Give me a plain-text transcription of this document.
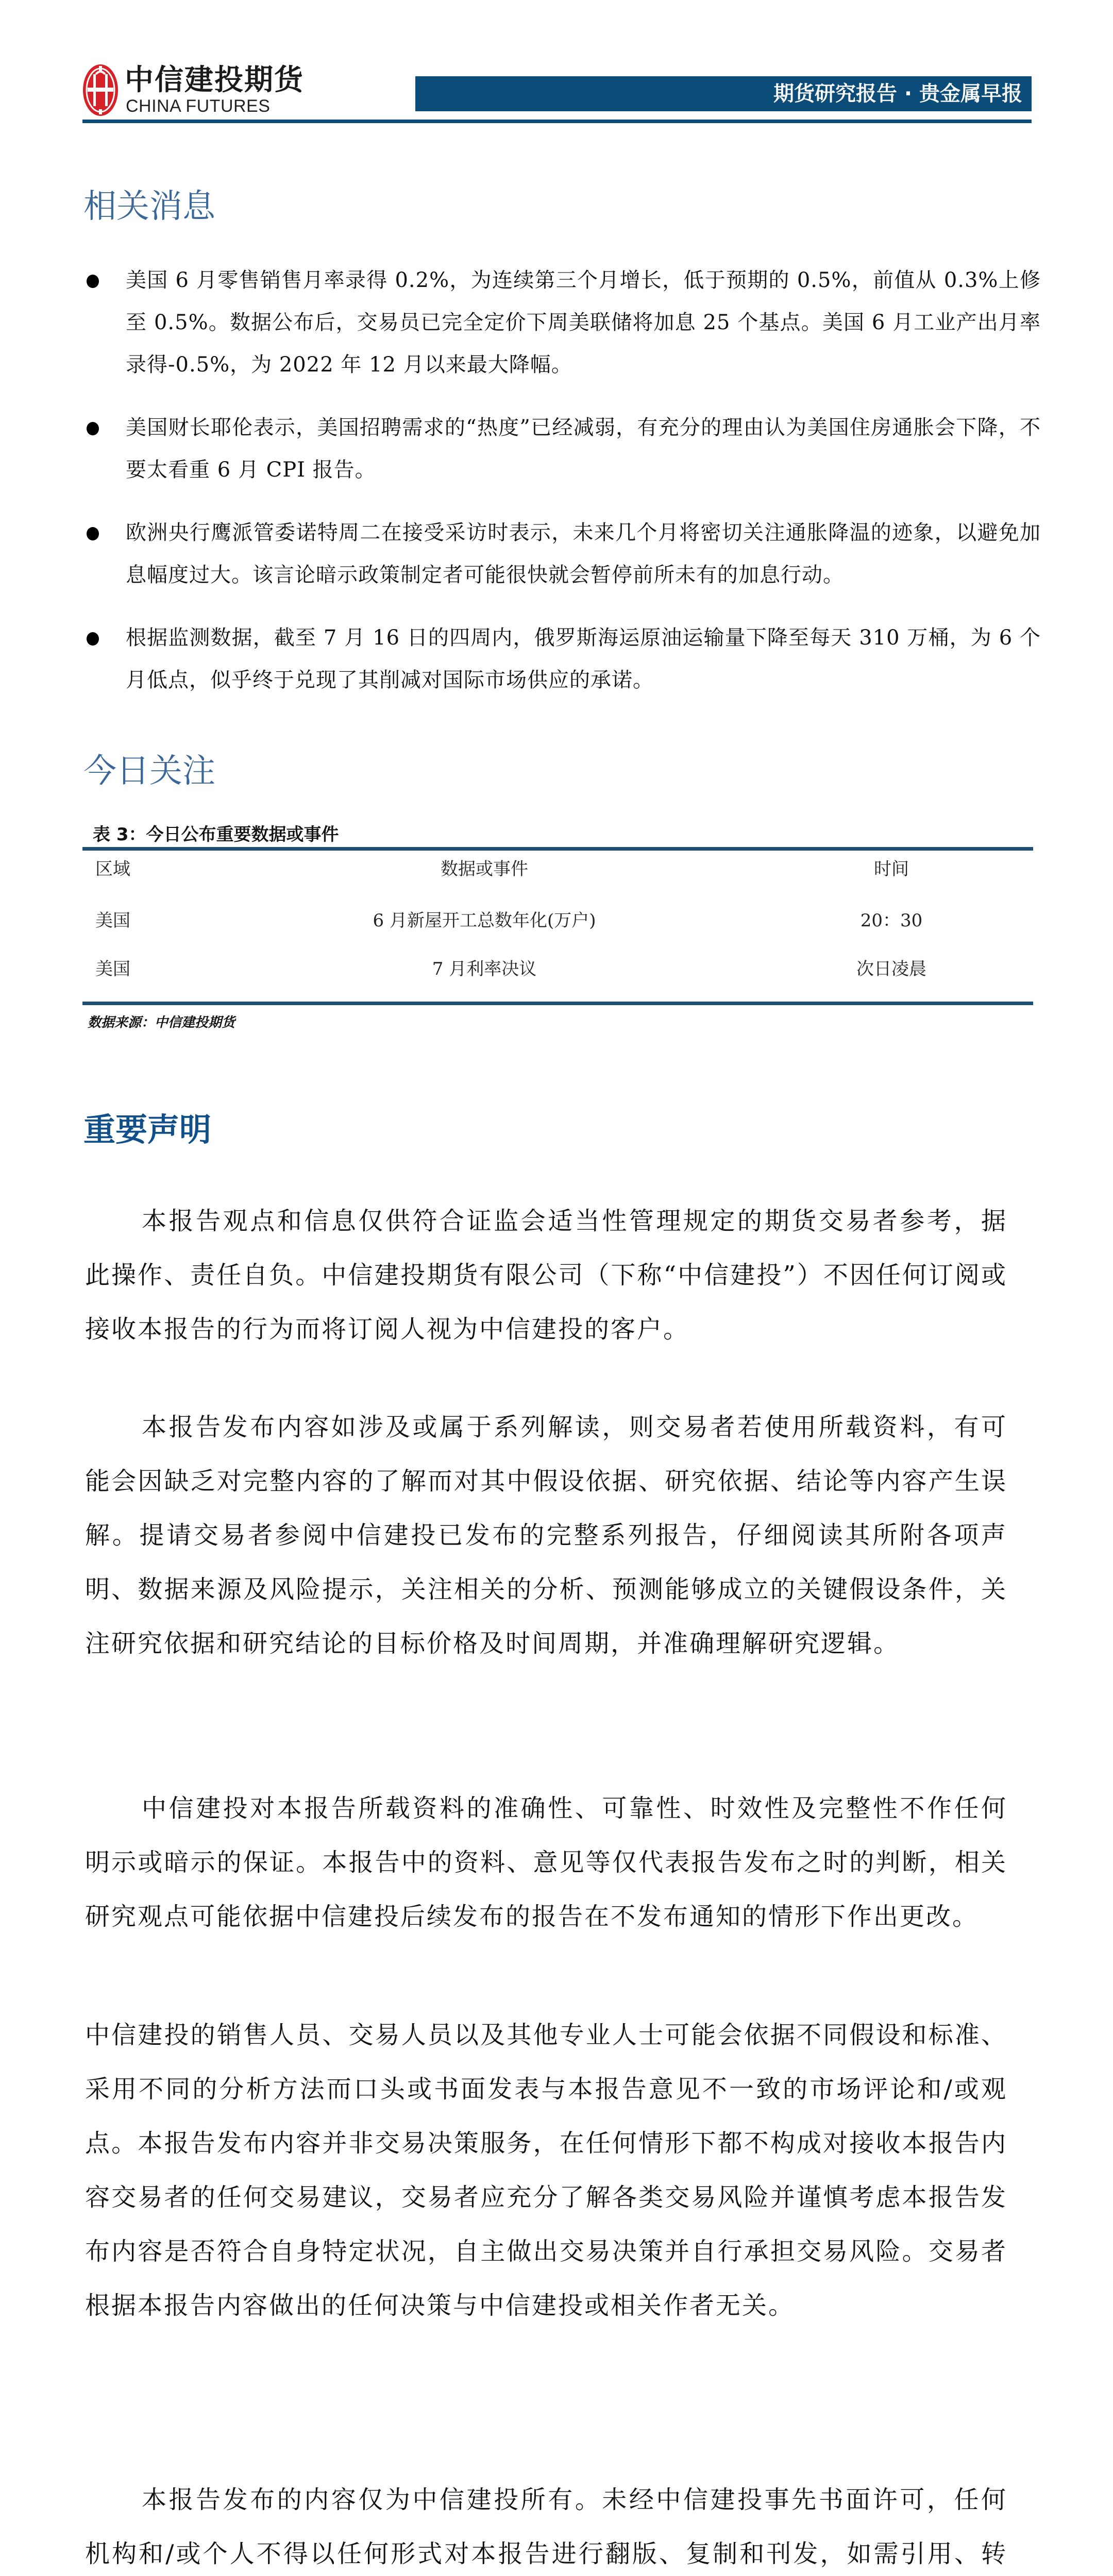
中信建投期货
CHINA FUTURES
期货研究报告 · 贵金属早报
相关消息
美国 6 月零售销售月率录得 0.2%，为连续第三个月增长，低于预期的 0.5%，前值从 0.3%上修至 0.5%。数据公布后，交易员已完全定价下周美联储将加息 25 个基点。美国 6 月工业产出月率录得-0.5%，为 2022 年 12 月以来最大降幅。
美国财长耶伦表示，美国招聘需求的“热度”已经减弱，有充分的理由认为美国住房通胀会下降，不要太看重 6 月 CPI 报告。
欧洲央行鹰派管委诺特周二在接受采访时表示，未来几个月将密切关注通胀降温的迹象，以避免加息幅度过大。该言论暗示政策制定者可能很快就会暂停前所未有的加息行动。
根据监测数据，截至 7 月 16 日的四周内，俄罗斯海运原油运输量下降至每天 310 万桶，为 6 个月低点，似乎终于兑现了其削减对国际市场供应的承诺。
今日关注
表 3：今日公布重要数据或事件
区域	数据或事件	时间
美国	6 月新屋开工总数年化(万户)	20：30
美国	7 月利率决议	次日凌晨
数据来源：中信建投期货
重要声明

本报告观点和信息仅供符合证监会适当性管理规定的期货交易者参考，据此操作、责任自负。中信建投期货有限公司（下称“中信建投”）不因任何订阅或接收本报告的行为而将订阅人视为中信建投的客户。

本报告发布内容如涉及或属于系列解读，则交易者若使用所载资料，有可能会因缺乏对完整内容的了解而对其中假设依据、研究依据、结论等内容产生误解。提请交易者参阅中信建投已发布的完整系列报告，仔细阅读其所附各项声明、数据来源及风险提示，关注相关的分析、预测能够成立的关键假设条件，关注研究依据和研究结论的目标价格及时间周期，并准确理解研究逻辑。

中信建投对本报告所载资料的准确性、可靠性、时效性及完整性不作任何明示或暗示的保证。本报告中的资料、意见等仅代表报告发布之时的判断，相关研究观点可能依据中信建投后续发布的报告在不发布通知的情形下作出更改。

中信建投的销售人员、交易人员以及其他专业人士可能会依据不同假设和标准、采用不同的分析方法而口头或书面发表与本报告意见不一致的市场评论和/或观点。本报告发布内容并非交易决策服务，在任何情形下都不构成对接收本报告内容交易者的任何交易建议，交易者应充分了解各类交易风险并谨慎考虑本报告发布内容是否符合自身特定状况，自主做出交易决策并自行承担交易风险。交易者根据本报告内容做出的任何决策与中信建投或相关作者无关。

本报告发布的内容仅为中信建投所有。未经中信建投事先书面许可，任何机构和/或个人不得以任何形式对本报告进行翻版、复制和刊发，如需引用、转
